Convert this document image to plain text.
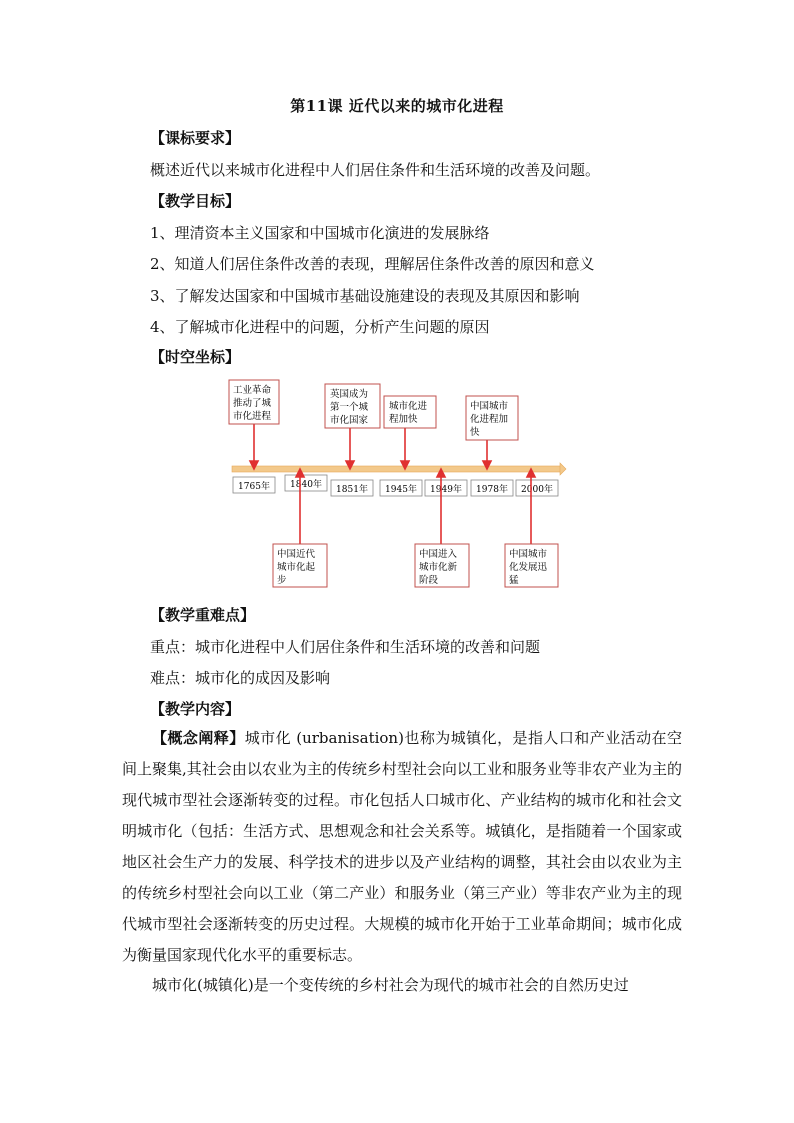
第11课 近代以来的城市化进程
【课标要求】
概述近代以来城市化进程中人们居住条件和生活环境的改善及问题。
【教学目标】
1、理清资本主义国家和中国城市化演进的发展脉络
2、知道人们居住条件改善的表现，理解居住条件改善的原因和意义
3、了解发达国家和中国城市基础设施建设的表现及其原因和影响
4、了解城市化进程中的问题，分析产生问题的原因
【时空坐标】
1765年 1840年 1851年 1945年 1949年 1978年 2000年
工业革命
推动了城
市化进程
英国成为
第一个城
市化国家
城市化进
程加快
中国城市
化进程加
快
中国近代
城市化起
步
中国进入
城市化新
阶段
中国城市
化发展迅
猛
【教学重难点】
重点：城市化进程中人们居住条件和生活环境的改善和问题
难点：城市化的成因及影响
【教学内容】
【概念阐释】城市化 (urbanisation)也称为城镇化，是指人口和产业活动在空间上聚集,其社会由以农业为主的传统乡村型社会向以工业和服务业等非农产业为主的现代城市型社会逐渐转变的过程。市化包括人口城市化、产业结构的城市化和社会文明城市化（包括：生活方式、思想观念和社会关系等。城镇化，是指随着一个国家或地区社会生产力的发展、科学技术的进步以及产业结构的调整，其社会由以农业为主的传统乡村型社会向以工业（第二产业）和服务业（第三产业）等非农产业为主的现代城市型社会逐渐转变的历史过程。大规模的城市化开始于工业革命期间；城市化成为衡量国家现代化水平的重要标志。
城市化(城镇化)是一个变传统的乡村社会为现代的城市社会的自然历史过
